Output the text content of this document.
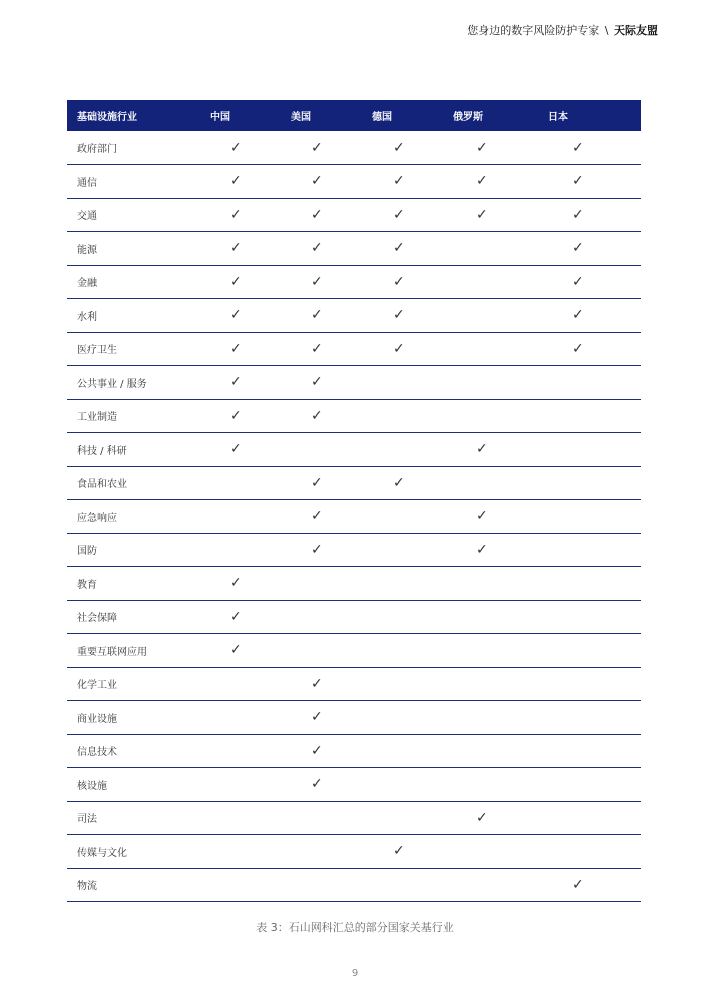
您身边的数字风险防护专家 \ 天际友盟
基础设施行业	中国	美国	德国	俄罗斯	日本
政府部门	✓	✓	✓	✓	✓
通信	✓	✓	✓	✓	✓
交通	✓	✓	✓	✓	✓
能源	✓	✓	✓		✓
金融	✓	✓	✓		✓
水利	✓	✓	✓		✓
医疗卫生	✓	✓	✓		✓
公共事业 / 服务	✓	✓			
工业制造	✓	✓			
科技 / 科研	✓			✓	
食品和农业		✓	✓		
应急响应		✓		✓	
国防		✓		✓	
教育	✓				
社会保障	✓				
重要互联网应用	✓				
化学工业		✓			
商业设施		✓			
信息技术		✓			
核设施		✓			
司法				✓	
传媒与文化			✓		
物流					✓
表 3：石山网科汇总的部分国家关基行业
9
